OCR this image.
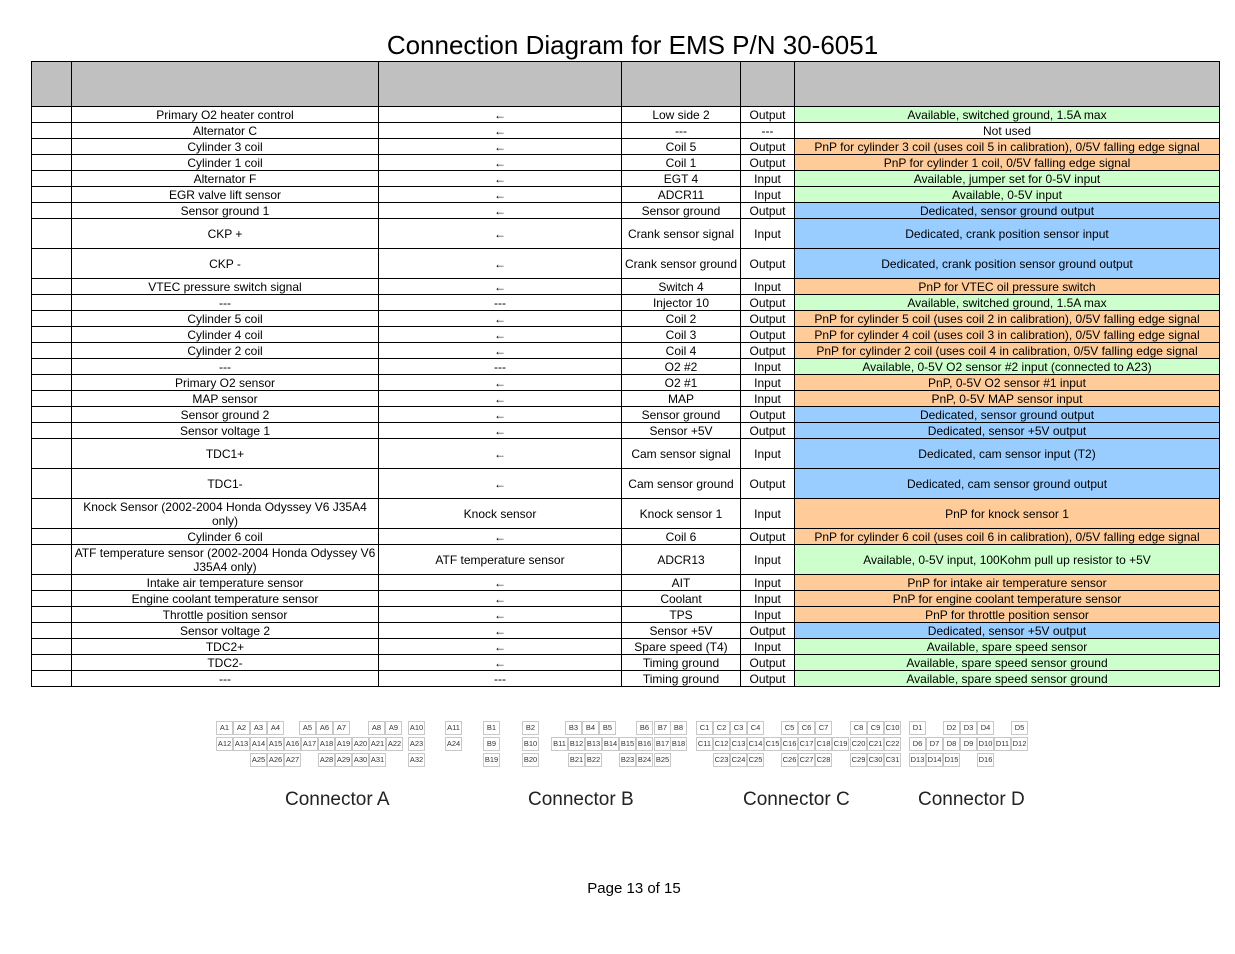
Connection Diagram for EMS P/N 30-6051

	Primary O2 heater control	←	Low side 2	Output	Available, switched ground, 1.5A max
	Alternator C	←	---	---	Not used
	Cylinder 3 coil	←	Coil 5	Output	PnP for cylinder 3 coil (uses coil 5 in calibration), 0/5V falling edge signal
	Cylinder 1 coil	←	Coil 1	Output	PnP for cylinder 1 coil, 0/5V falling edge signal
	Alternator F	←	EGT 4	Input	Available, jumper set for 0-5V input
	EGR valve lift sensor	←	ADCR11	Input	Available, 0-5V input
	Sensor ground 1	←	Sensor ground	Output	Dedicated, sensor ground output
	CKP +	←	Crank sensor signal	Input	Dedicated, crank position sensor input
	CKP -	←	Crank sensor ground	Output	Dedicated, crank position sensor ground output
	VTEC pressure switch signal	←	Switch 4	Input	PnP for VTEC oil pressure switch
	---	---	Injector 10	Output	Available, switched ground, 1.5A max
	Cylinder 5 coil	←	Coil 2	Output	PnP for cylinder 5 coil (uses coil 2 in calibration), 0/5V falling edge signal
	Cylinder 4 coil	←	Coil 3	Output	PnP for cylinder 4 coil (uses coil 3 in calibration), 0/5V falling edge signal
	Cylinder 2 coil	←	Coil 4	Output	PnP for cylinder 2 coil (uses coil 4 in calibration, 0/5V falling edge signal
	---	---	O2 #2	Input	Available, 0-5V O2 sensor #2 input (connected to A23)
	Primary O2 sensor	←	O2 #1	Input	PnP, 0-5V O2 sensor #1 input
	MAP sensor	←	MAP	Input	PnP, 0-5V MAP sensor input
	Sensor ground 2	←	Sensor ground	Output	Dedicated, sensor ground output
	Sensor voltage 1	←	Sensor +5V	Output	Dedicated, sensor +5V output
	TDC1+	←	Cam sensor signal	Input	Dedicated, cam sensor input (T2)
	TDC1-	←	Cam sensor ground	Output	Dedicated, cam sensor ground output
	Knock Sensor (2002-2004 Honda Odyssey V6 J35A4 only)	Knock sensor	Knock sensor 1	Input	PnP for knock sensor 1
	Cylinder 6 coil	←	Coil 6	Output	PnP for cylinder 6 coil (uses coil 6 in calibration), 0/5V falling edge signal
	ATF temperature sensor (2002-2004 Honda Odyssey V6 J35A4 only)	ATF temperature sensor	ADCR13	Input	Available, 0-5V input, 100Kohm pull up resistor to +5V
	Intake air temperature sensor	←	AIT	Input	PnP for intake air temperature sensor
	Engine coolant temperature sensor	←	Coolant	Input	PnP for engine coolant temperature sensor
	Throttle position sensor	←	TPS	Input	PnP for throttle position sensor
	Sensor voltage 2	←	Sensor +5V	Output	Dedicated, sensor +5V output
	TDC2+	←	Spare speed (T4)	Input	Available, spare speed sensor
	TDC2-	←	Timing ground	Output	Available, spare speed sensor ground
	---	---	Timing ground	Output	Available, spare speed sensor ground
A1	A2	A3	A4	A5	A6	A7	A8	A9	A10	A11	B1	B2	B3	B4	B5	B6	B7 B8	C1 C2 C3 C4	C5 C6 C7	C8 C9 C10	D1	D2 D3 D4	D5
A12 A13 A14 A15 A16 A17 A18 A19 A20 A21 A22 A23	A24	B9	B10 B11 B12 B13 B14 B15 B16 B17 B18 C11 C12 C13 C14 C15 C16 C17 C18 C19 C20 C21 C22	D6 D7 D8 D9 D10 D11 D12
A25 A26 A27	A28 A29 A30 A31	A32	B19	B20	B21 B22	B23 B24 B25	C23 C24 C25	C26 C27 C28	C29 C30 C31 D13 D14 D15	D16
Connector A	Connector B	Connector C	Connector D
Page 13 of 15
